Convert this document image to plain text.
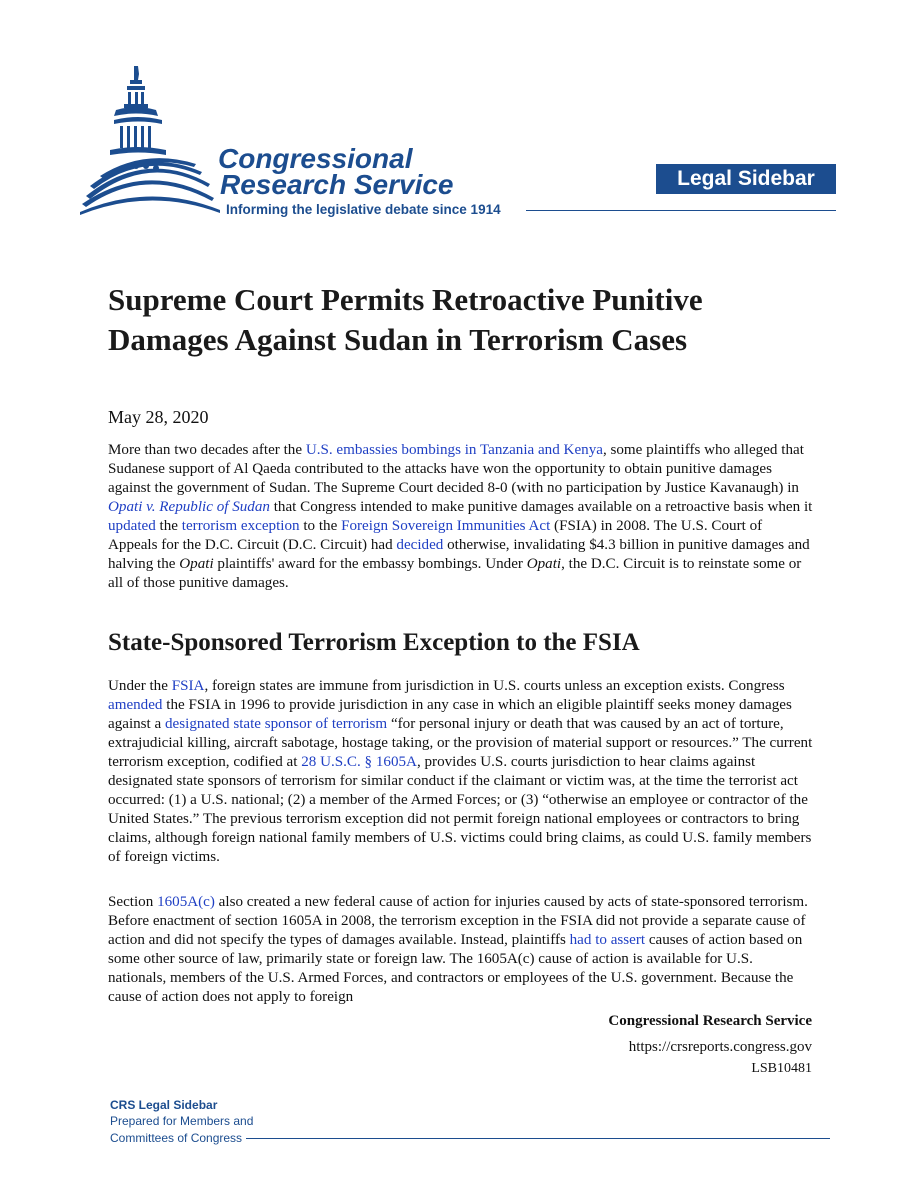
Congressional
Research Service
Informing the legislative debate since 1914
Legal Sidebar
Supreme Court Permits Retroactive Punitive
Damages Against Sudan in Terrorism Cases
May 28, 2020

More than two decades after the U.S. embassies bombings in Tanzania and Kenya, some plaintiffs who alleged that Sudanese support of Al Qaeda contributed to the attacks have won the opportunity to obtain punitive damages against the government of Sudan. The Supreme Court decided 8-0 (with no participation by Justice Kavanaugh) in Opati v. Republic of Sudan that Congress intended to make punitive damages available on a retroactive basis when it updated the terrorism exception to the Foreign Sovereign Immunities Act (FSIA) in 2008. The U.S. Court of Appeals for the D.C. Circuit (D.C. Circuit) had decided otherwise, invalidating $4.3 billion in punitive damages and halving the Opati plaintiffs' award for the embassy bombings. Under Opati, the D.C. Circuit is to reinstate some or all of those punitive damages.

State-Sponsored Terrorism Exception to the FSIA

Under the FSIA, foreign states are immune from jurisdiction in U.S. courts unless an exception exists. Congress amended the FSIA in 1996 to provide jurisdiction in any case in which an eligible plaintiff seeks money damages against a designated state sponsor of terrorism “for personal injury or death that was caused by an act of torture, extrajudicial killing, aircraft sabotage, hostage taking, or the provision of material support or resources.” The current terrorism exception, codified at 28 U.S.C. § 1605A, provides U.S. courts jurisdiction to hear claims against designated state sponsors of terrorism for similar conduct if the claimant or victim was, at the time the terrorist act occurred: (1) a U.S. national; (2) a member of the Armed Forces; or (3) “otherwise an employee or contractor of the United States.” The previous terrorism exception did not permit foreign national employees or contractors to bring claims, although foreign national family members of U.S. victims could bring claims, as could U.S. family members of foreign victims.

Section 1605A(c) also created a new federal cause of action for injuries caused by acts of state-sponsored terrorism. Before enactment of section 1605A in 2008, the terrorism exception in the FSIA did not provide a separate cause of action and did not specify the types of damages available. Instead, plaintiffs had to assert causes of action based on some other source of law, primarily state or foreign law. The 1605A(c) cause of action is available for U.S. nationals, members of the U.S. Armed Forces, and contractors or employees of the U.S. government. Because the cause of action does not apply to foreign

Congressional Research Service
https://crsreports.congress.gov
LSB10481
CRS Legal Sidebar
Prepared for Members and
Committees of Congress
